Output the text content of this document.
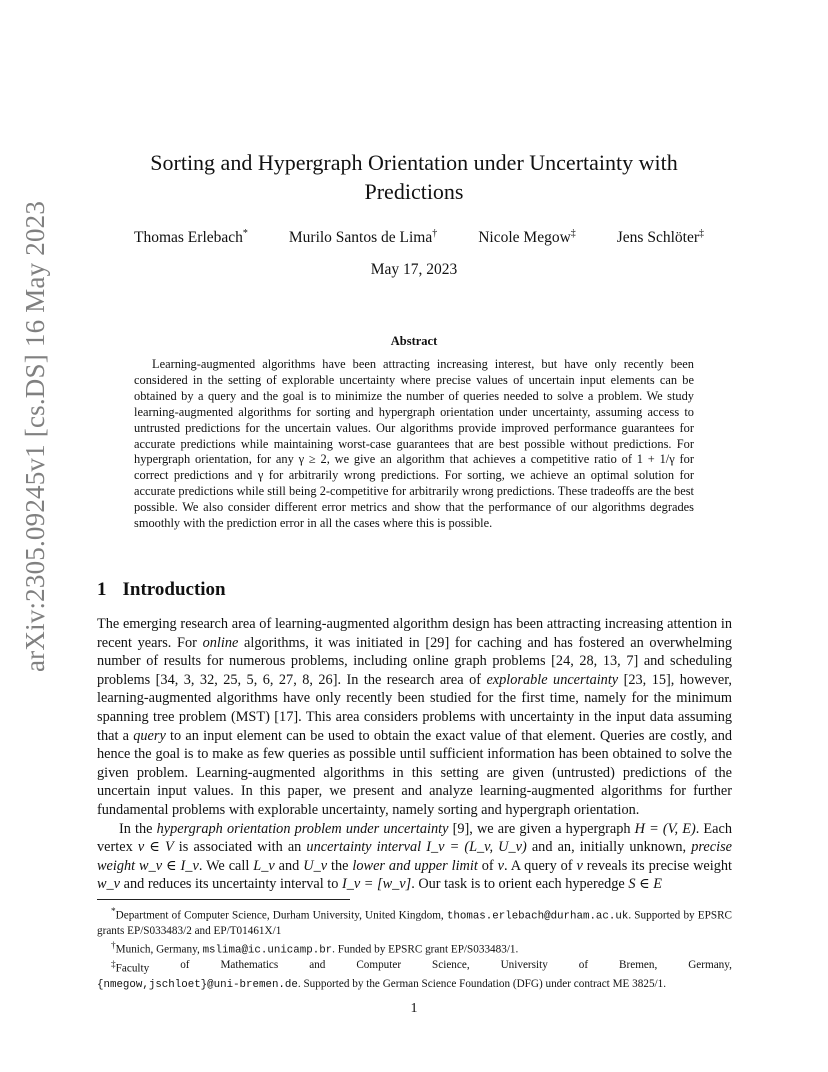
arXiv:2305.09245v1 [cs.DS] 16 May 2023
Sorting and Hypergraph Orientation under Uncertainty with
Predictions
Thomas Erlebach*	Murilo Santos de Lima†	Nicole Megow‡	Jens Schlöter‡
May 17, 2023
Abstract
Learning-augmented algorithms have been attracting increasing interest, but have only recently been considered in the setting of explorable uncertainty where precise values of uncertain input elements can be obtained by a query and the goal is to minimize the number of queries needed to solve a problem. We study learning-augmented algorithms for sorting and hypergraph orientation under uncertainty, assuming access to untrusted predictions for the uncertain values. Our algorithms provide improved performance guarantees for accurate predictions while maintaining worst-case guarantees that are best possible without predictions. For hypergraph orientation, for any γ ≥ 2, we give an algorithm that achieves a competitive ratio of 1 + 1/γ for correct predictions and γ for arbitrarily wrong predictions. For sorting, we achieve an optimal solution for accurate predictions while still being 2-competitive for arbitrarily wrong predictions. These tradeoffs are the best possible. We also consider different error metrics and show that the performance of our algorithms degrades smoothly with the prediction error in all the cases where this is possible.
1 Introduction

The emerging research area of learning-augmented algorithm design has been attracting increasing attention in recent years. For online algorithms, it was initiated in [29] for caching and has fostered an overwhelming number of results for numerous problems, including online graph problems [24, 28, 13, 7] and scheduling problems [34, 3, 32, 25, 5, 6, 27, 8, 26]. In the research area of explorable uncertainty [23, 15], however, learning-augmented algorithms have only recently been studied for the first time, namely for the minimum spanning tree problem (MST) [17]. This area considers problems with uncertainty in the input data assuming that a query to an input element can be used to obtain the exact value of that element. Queries are costly, and hence the goal is to make as few queries as possible until sufficient information has been obtained to solve the given problem. Learning-augmented algorithms in this setting are given (untrusted) predictions of the uncertain input values. In this paper, we present and analyze learning-augmented algorithms for further fundamental problems with explorable uncertainty, namely sorting and hypergraph orientation.

In the hypergraph orientation problem under uncertainty [9], we are given a hypergraph H = (V, E). Each vertex v ∈ V is associated with an uncertainty interval I_v = (L_v, U_v) and an, initially unknown, precise weight w_v ∈ I_v. We call L_v and U_v the lower and upper limit of v. A query of v reveals its precise weight w_v and reduces its uncertainty interval to I_v = [w_v]. Our task is to orient each hyperedge S ∈ E

*Department of Computer Science, Durham University, United Kingdom, thomas.erlebach@durham.ac.uk. Supported by EPSRC grants EP/S033483/2 and EP/T01461X/1

†Munich, Germany, mslima@ic.unicamp.br. Funded by EPSRC grant EP/S033483/1.

‡Faculty	of	Mathematics	and	Computer	Science,	University	of	Bremen,	Germany,

{nmegow,jschloet}@uni-bremen.de. Supported by the German Science Foundation (DFG) under contract ME 3825/1.

1
